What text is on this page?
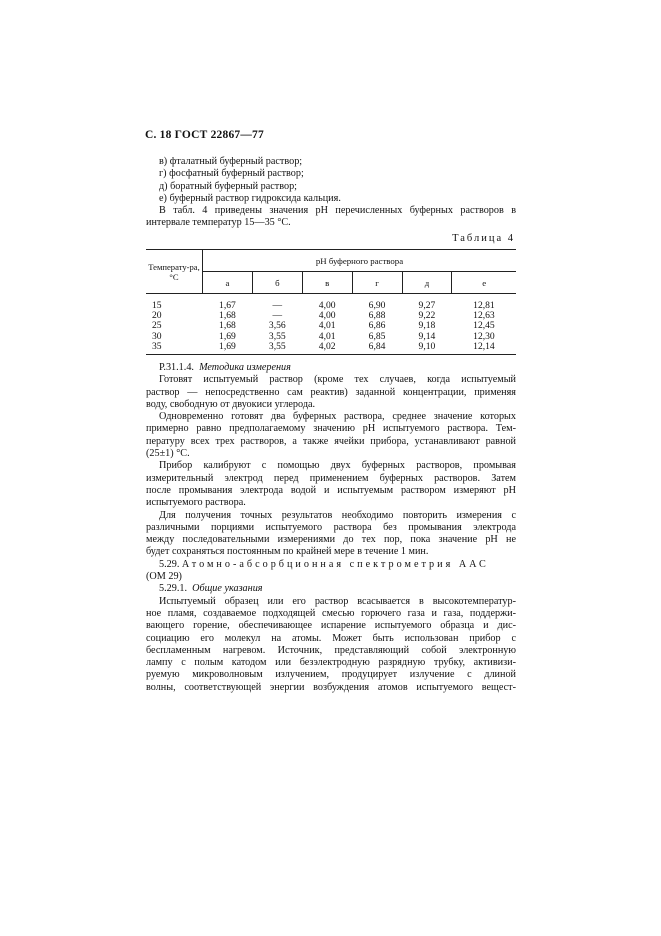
С. 18 ГОСТ 22867—77
в) фталатный буферный раствор;
г) фосфатный буферный раствор;
д) боратный буферный раствор;
е) буферный раствор гидроксида кальция.
В табл. 4 приведены значения pH перечисленных буферных растворов в
интервале температур 15—35 °С.
Таблица 4
Температу-ра, °С	pH буферного раствора					
	а	б	в	г	д	е
15	1,67	—	4,00	6,90	9,27	12,81
20	1,68	—	4,00	6,88	9,22	12,63
25	1,68	3,56	4,01	6,86	9,18	12,45
30	1,69	3,55	4,01	6,85	9,14	12,30
35	1,69	3,55	4,02	6,84	9,10	12,14
Р.31.1.4. Методика измерения
Готовят испытуемый раствор (кроме тех случаев, когда испытуемый
раствор — непосредственно сам реактив) заданной концентрации, применяя
воду, свободную от двуокиси углерода.
Одновременно готовят два буферных раствора, среднее значение которых
примерно равно предполагаемому значению pH испытуемого раствора. Тем-
пературу всех трех растворов, а также ячейки прибора, устанавливают равной
(25±1) °С.
Прибор калибруют с помощью двух буферных растворов, промывая
измерительный электрод перед применением буферных растворов. Затем
после промывания электрода водой и испытуемым раствором измеряют pH
испытуемого раствора.
Для получения точных результатов необходимо повторить измерения с
различными порциями испытуемого раствора без промывания электрода
между последовательными измерениями до тех пор, пока значение pH не
будет сохраняться постоянным по крайней мере в течение 1 мин.
5.29.
Атомно-абсорбционная спектрометрия ААС
(ОМ 29)
5.29.1. Общие указания
Испытуемый образец или его раствор всасывается в высокотемператур-
ное пламя, создаваемое подходящей смесью горючего газа и газа, поддержи-
вающего горение, обеспечивающее испарение испытуемого образца и дис-
социацию его молекул на атомы. Может быть использован прибор с
беспламенным нагревом. Источник, представляющий собой электронную
лампу с полым катодом или безэлектродную разрядную трубку, активизи-
руемую микроволновым излучением, продуцирует излучение с длиной
волны, соответствующей энергии возбуждения атомов испытуемого вещест-
